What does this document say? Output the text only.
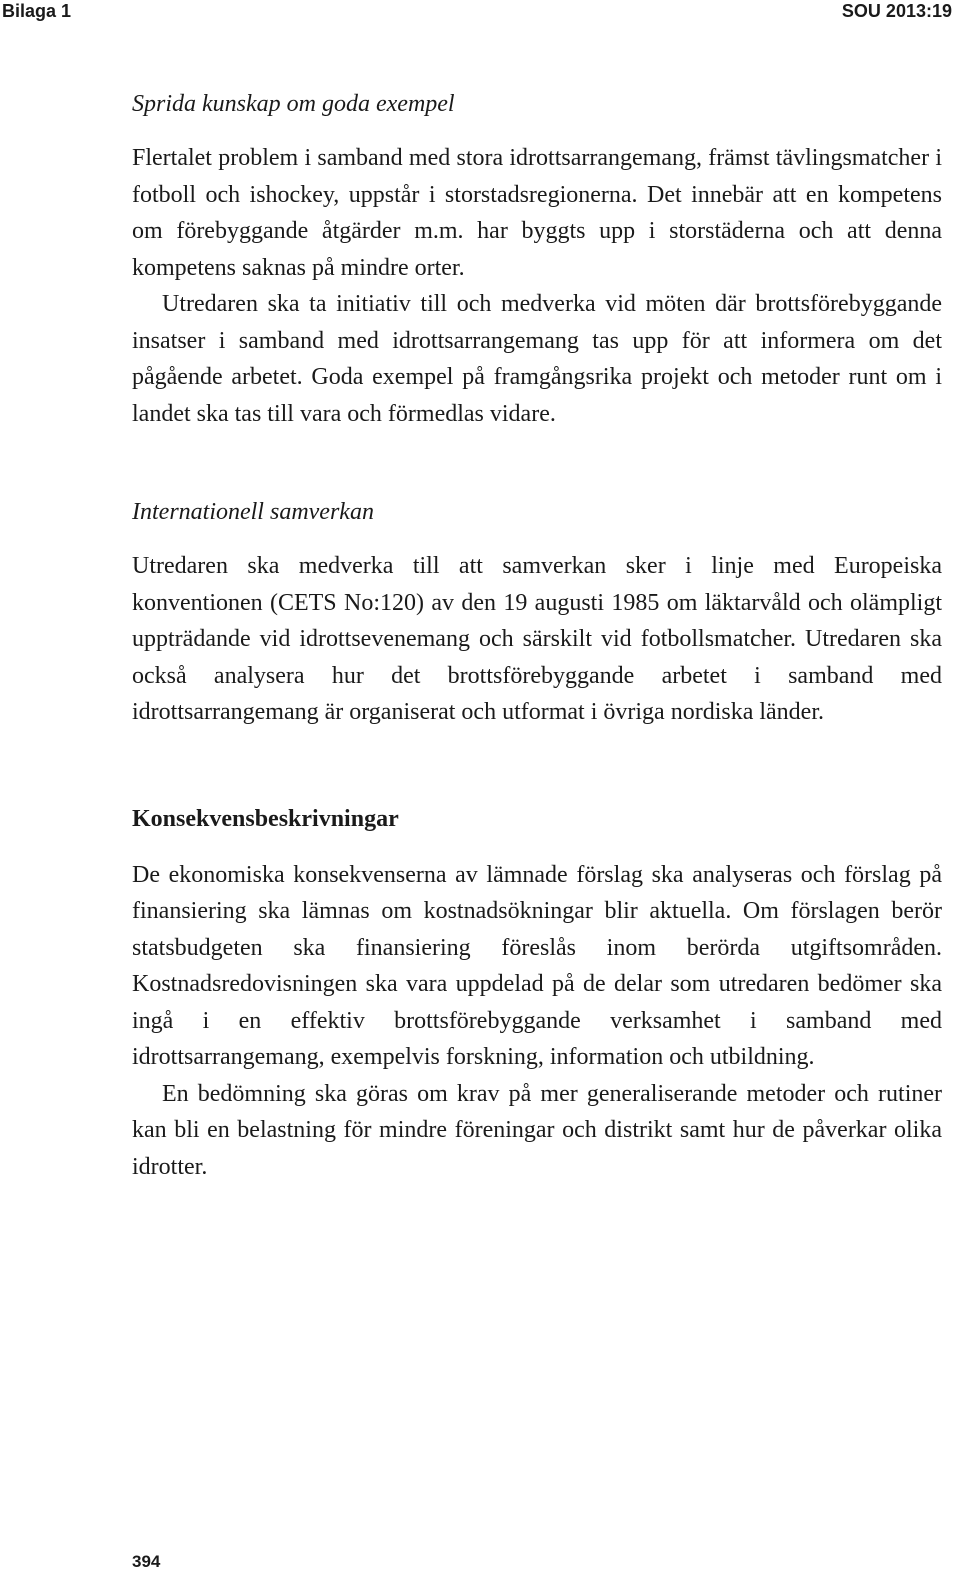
Bilaga 1	SOU 2013:19
Sprida kunskap om goda exempel

Flertalet problem i samband med stora idrottsarrangemang, främst tävlingsmatcher i fotboll och ishockey, uppstår i storstadsregionerna. Det innebär att en kompetens om förebyggande åtgärder m.m. har byggts upp i storstäderna och att denna kompetens saknas på mindre orter.

Utredaren ska ta initiativ till och medverka vid möten där brottsförebyggande insatser i samband med idrottsarrangemang tas upp för att informera om det pågående arbetet. Goda exempel på framgångsrika projekt och metoder runt om i landet ska tas till vara och förmedlas vidare.

Internationell samverkan

Utredaren ska medverka till att samverkan sker i linje med Europeiska konventionen (CETS No:120) av den 19 augusti 1985 om läktarvåld och olämpligt uppträdande vid idrottsevenemang och särskilt vid fotbollsmatcher. Utredaren ska också analysera hur det brottsförebyggande arbetet i samband med idrottsarrangemang är organiserat och utformat i övriga nordiska länder.

Konsekvensbeskrivningar

De ekonomiska konsekvenserna av lämnade förslag ska analyseras och förslag på finansiering ska lämnas om kostnadsökningar blir aktuella. Om förslagen berör statsbudgeten ska finansiering föreslås inom berörda utgiftsområden. Kostnadsredovisningen ska vara uppdelad på de delar som utredaren bedömer ska ingå i en effektiv brottsförebyggande verksamhet i samband med idrottsarrangemang, exempelvis forskning, information och utbildning.

En bedömning ska göras om krav på mer generaliserande metoder och rutiner kan bli en belastning för mindre föreningar och distrikt samt hur de påverkar olika idrotter.

394
